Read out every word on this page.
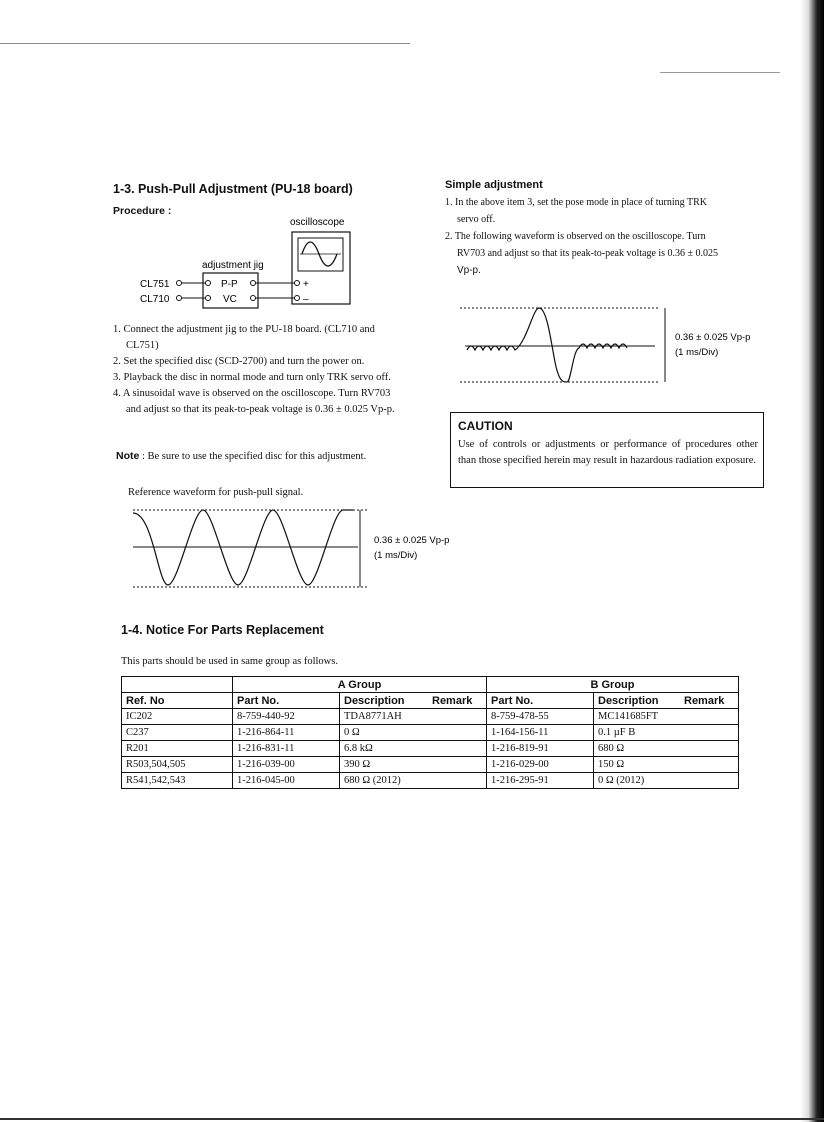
1-3. Push-Pull Adjustment (PU-18 board)
Procedure :
oscilloscope
adjustment jig
CL751
CL710
P-P
VC
+
–
1. Connect the adjustment jig to the PU-18 board. (CL710 and
CL751)
2. Set the specified disc (SCD-2700) and turn the power on.
3. Playback the disc in normal mode and turn only TRK servo off.
4. A sinusoidal wave is observed on the oscilloscope. Turn RV703
and adjust so that its peak-to-peak voltage is 0.36 ± 0.025 Vp-p.
Note : Be sure to use the specified disc for this adjustment.
Reference waveform for push-pull signal.
0.36 ± 0.025 Vp-p
(1 ms/Div)
Simple adjustment
1. In the above item 3, set the pose mode in place of turning TRK
servo off.
2. The following waveform is observed on the oscilloscope. Turn
RV703 and adjust so that its peak-to-peak voltage is 0.36 ± 0.025
Vp-p.
0.36 ± 0.025 Vp-p
(1 ms/Div)
CAUTION
Use of controls or adjustments or performance of procedures other than those specified herein may result in hazardous radiation exposure.
1-4. Notice For Parts Replacement
This parts should be used in same group as follows.
	A Group			B Group		
Ref. No	Part No.	Description	Remark	Part No.	Description	Remark
IC202	8-759-440-92	TDA8771AH		8-759-478-55	MC141685FT	
C237	1-216-864-11	0 Ω		1-164-156-11	0.1 µF B	
R201	1-216-831-11	6.8 kΩ		1-216-819-91	680 Ω	
R503,504,505	1-216-039-00	390 Ω		1-216-029-00	150 Ω	
R541,542,543	1-216-045-00	680 Ω (2012)		1-216-295-91	0 Ω (2012)	
